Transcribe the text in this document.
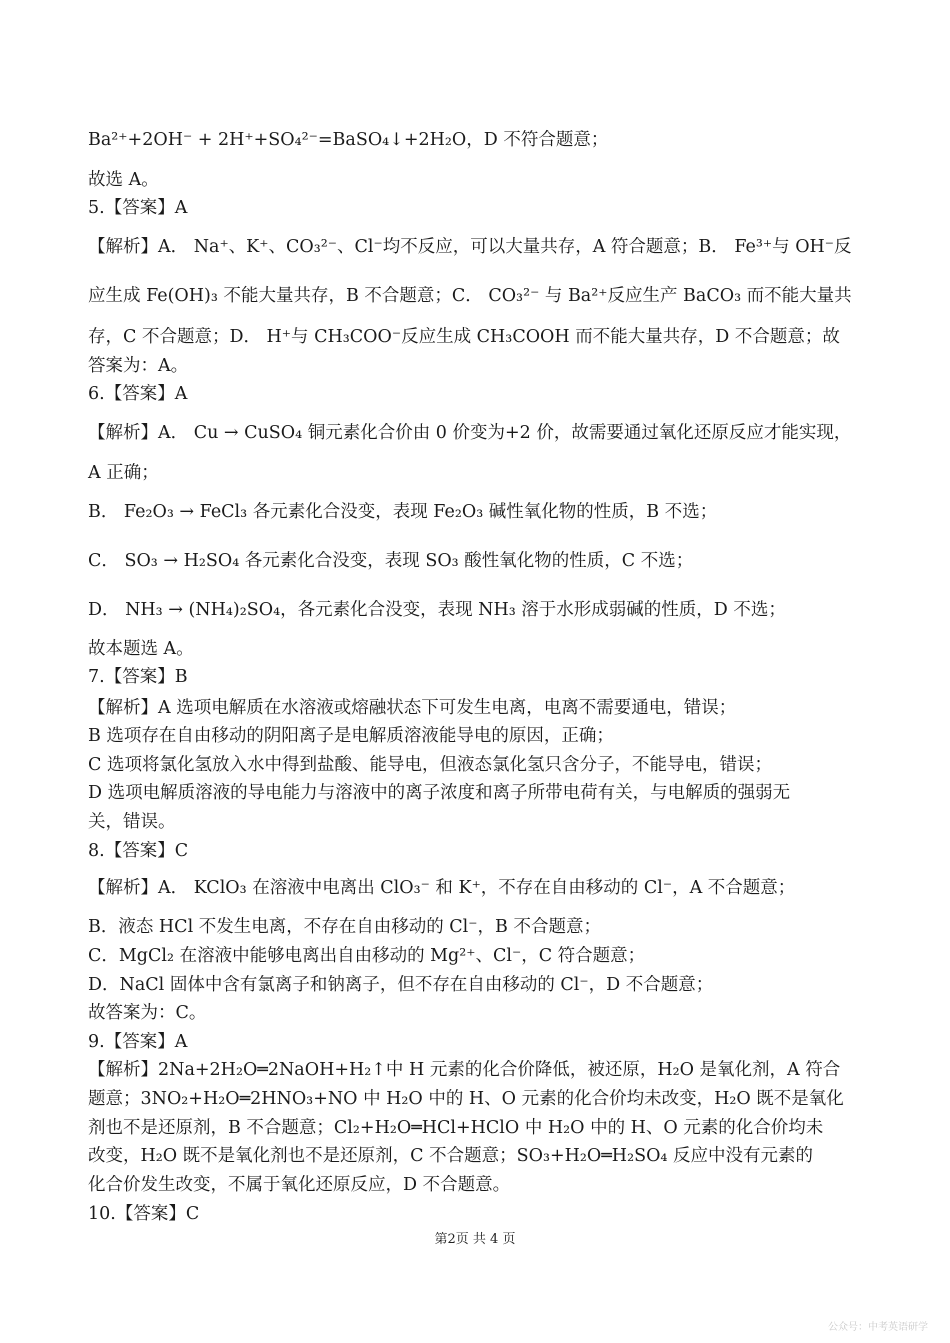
Ba²⁺+2OH⁻ + 2H⁺+SO₄²⁻=BaSO₄↓+2H₂O，D 不符合题意；
故选 A。
5.【答案】A
【解析】A． Na⁺、K⁺、CO₃²⁻、Cl⁻均不反应，可以大量共存，A 符合题意；B． Fe³⁺与 OH⁻反
应生成 Fe(OH)₃ 不能大量共存，B 不合题意；C． CO₃²⁻ 与 Ba²⁺反应生产 BaCO₃ 而不能大量共
存，C 不合题意；D． H⁺与 CH₃COO⁻反应生成 CH₃COOH 而不能大量共存，D 不合题意；故
答案为：A。
6.【答案】A
【解析】A． Cu → CuSO₄ 铜元素化合价由 0 价变为+2 价，故需要通过氧化还原反应才能实现，
A 正确；
B． Fe₂O₃ → FeCl₃ 各元素化合没变，表现 Fe₂O₃ 碱性氧化物的性质，B 不选；
C． SO₃ → H₂SO₄ 各元素化合没变，表现 SO₃ 酸性氧化物的性质，C 不选；
D． NH₃ → (NH₄)₂SO₄，各元素化合没变，表现 NH₃ 溶于水形成弱碱的性质，D 不选；
故本题选 A。
7.【答案】B
【解析】A 选项电解质在水溶液或熔融状态下可发生电离，电离不需要通电，错误；
B 选项存在自由移动的阴阳离子是电解质溶液能导电的原因，正确；
C 选项将氯化氢放入水中得到盐酸、能导电，但液态氯化氢只含分子，不能导电，错误；
D 选项电解质溶液的导电能力与溶液中的离子浓度和离子所带电荷有关，与电解质的强弱无
关，错误。
8.【答案】C
【解析】A． KClO₃ 在溶液中电离出 ClO₃⁻ 和 K⁺，不存在自由移动的 Cl⁻，A 不合题意；
B．液态 HCl 不发生电离，不存在自由移动的 Cl⁻，B 不合题意；
C．MgCl₂ 在溶液中能够电离出自由移动的 Mg²⁺、Cl⁻，C 符合题意；
D．NaCl 固体中含有氯离子和钠离子，但不存在自由移动的 Cl⁻，D 不合题意；
故答案为：C。
9.【答案】A
【解析】2Na+2H₂O═2NaOH+H₂↑中 H 元素的化合价降低，被还原，H₂O 是氧化剂，A 符合
题意；3NO₂+H₂O═2HNO₃+NO 中 H₂O 中的 H、O 元素的化合价均未改变，H₂O 既不是氧化
剂也不是还原剂，B 不合题意；Cl₂+H₂O═HCl+HClO 中 H₂O 中的 H、O 元素的化合价均未
改变，H₂O 既不是氧化剂也不是还原剂，C 不合题意；SO₃+H₂O═H₂SO₄ 反应中没有元素的
化合价发生改变，不属于氧化还原反应，D 不合题意。
10.【答案】C
第2页 共 4 页
公众号：中考英语研学
